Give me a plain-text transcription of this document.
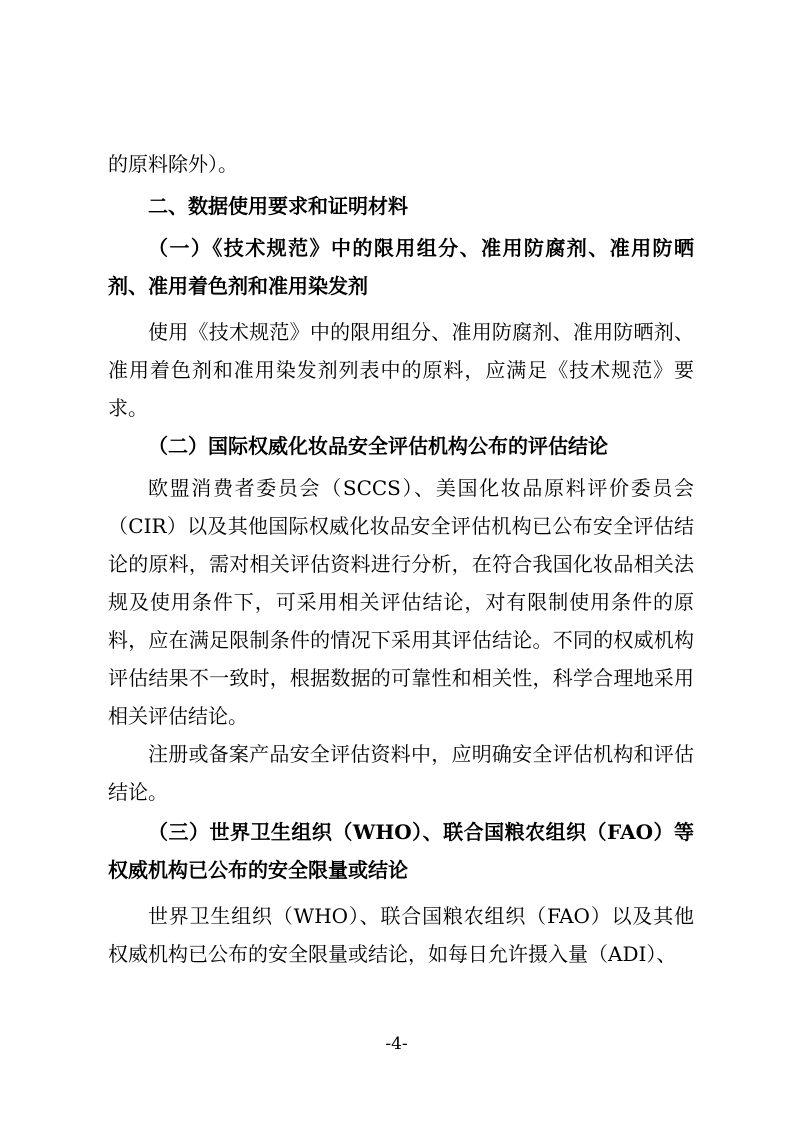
的原料除外）。
二、数据使用要求和证明材料
（一）《技术规范》中的限用组分、准用防腐剂、准用防晒剂、准用着色剂和准用染发剂
使用《技术规范》中的限用组分、准用防腐剂、准用防晒剂、准用着色剂和准用染发剂列表中的原料，应满足《技术规范》要求。
（二）国际权威化妆品安全评估机构公布的评估结论
欧盟消费者委员会（SCCS）、美国化妆品原料评价委员会（CIR）以及其他国际权威化妆品安全评估机构已公布安全评估结论的原料，需对相关评估资料进行分析，在符合我国化妆品相关法规及使用条件下，可采用相关评估结论，对有限制使用条件的原料，应在满足限制条件的情况下采用其评估结论。不同的权威机构评估结果不一致时，根据数据的可靠性和相关性，科学合理地采用相关评估结论。
注册或备案产品安全评估资料中，应明确安全评估机构和评估结论。
（三）世界卫生组织（WHO）、联合国粮农组织（FAO）等权威机构已公布的安全限量或结论
世界卫生组织（WHO）、联合国粮农组织（FAO）以及其他权威机构已公布的安全限量或结论，如每日允许摄入量（ADI）、
-4-
